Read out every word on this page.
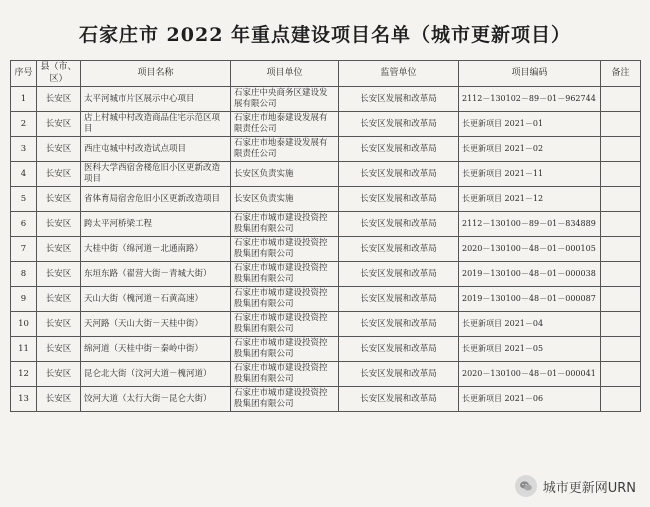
石家庄市 2022 年重点建设项目名单（城市更新项目）
序号	县（市、区）	项目名称	项目单位	监管单位	项目编码	备注
1	长安区	太平河城市片区展示中心项目	石家庄中央商务区建设发展有限公司	长安区发展和改革局	2112－130102－89－01－962744	
2	长安区	店上村城中村改造商品住宅示范区项目	石家庄市地泰建设发展有限责任公司	长安区发展和改革局	长更新项目 2021－01	
3	长安区	西庄屯城中村改造试点项目	石家庄市地泰建设发展有限责任公司	长安区发展和改革局	长更新项目 2021－02	
4	长安区	医科大学西宿舍楼危旧小区更新改造项目	长安区负责实施	长安区发展和改革局	长更新项目 2021－11	
5	长安区	省体育局宿舍危旧小区更新改造项目	长安区负责实施	长安区发展和改革局	长更新项目 2021－12	
6	长安区	跨太平河桥梁工程	石家庄市城市建设投资控股集团有限公司	长安区发展和改革局	2112－130100－89－01－834889	
7	长安区	大桂中街（绵河道－北通南路）	石家庄市城市建设投资控股集团有限公司	长安区发展和改革局	2020－130100－48－01－000105	
8	长安区	东垣东路（翟营大街－青城大街）	石家庄市城市建设投资控股集团有限公司	长安区发展和改革局	2019－130100－48－01－000038	
9	长安区	天山大街（槐河道－石黄高速）	石家庄市城市建设投资控股集团有限公司	长安区发展和改革局	2019－130100－48－01－000087	
10	长安区	天河路（天山大街－天桂中街）	石家庄市城市建设投资控股集团有限公司	长安区发展和改革局	长更新项目 2021－04	
11	长安区	绵河道（天桂中街－秦岭中街）	石家庄市城市建设投资控股集团有限公司	长安区发展和改革局	长更新项目 2021－05	
12	长安区	昆仑北大街（汶河大道－槐河道）	石家庄市城市建设投资控股集团有限公司	长安区发展和改革局	2020－130100－48－01－000041	
13	长安区	饺河大道（太行大街－昆仑大街）	石家庄市城市建设投资控股集团有限公司	长安区发展和改革局	长更新项目 2021－06	
城市更新网URN
